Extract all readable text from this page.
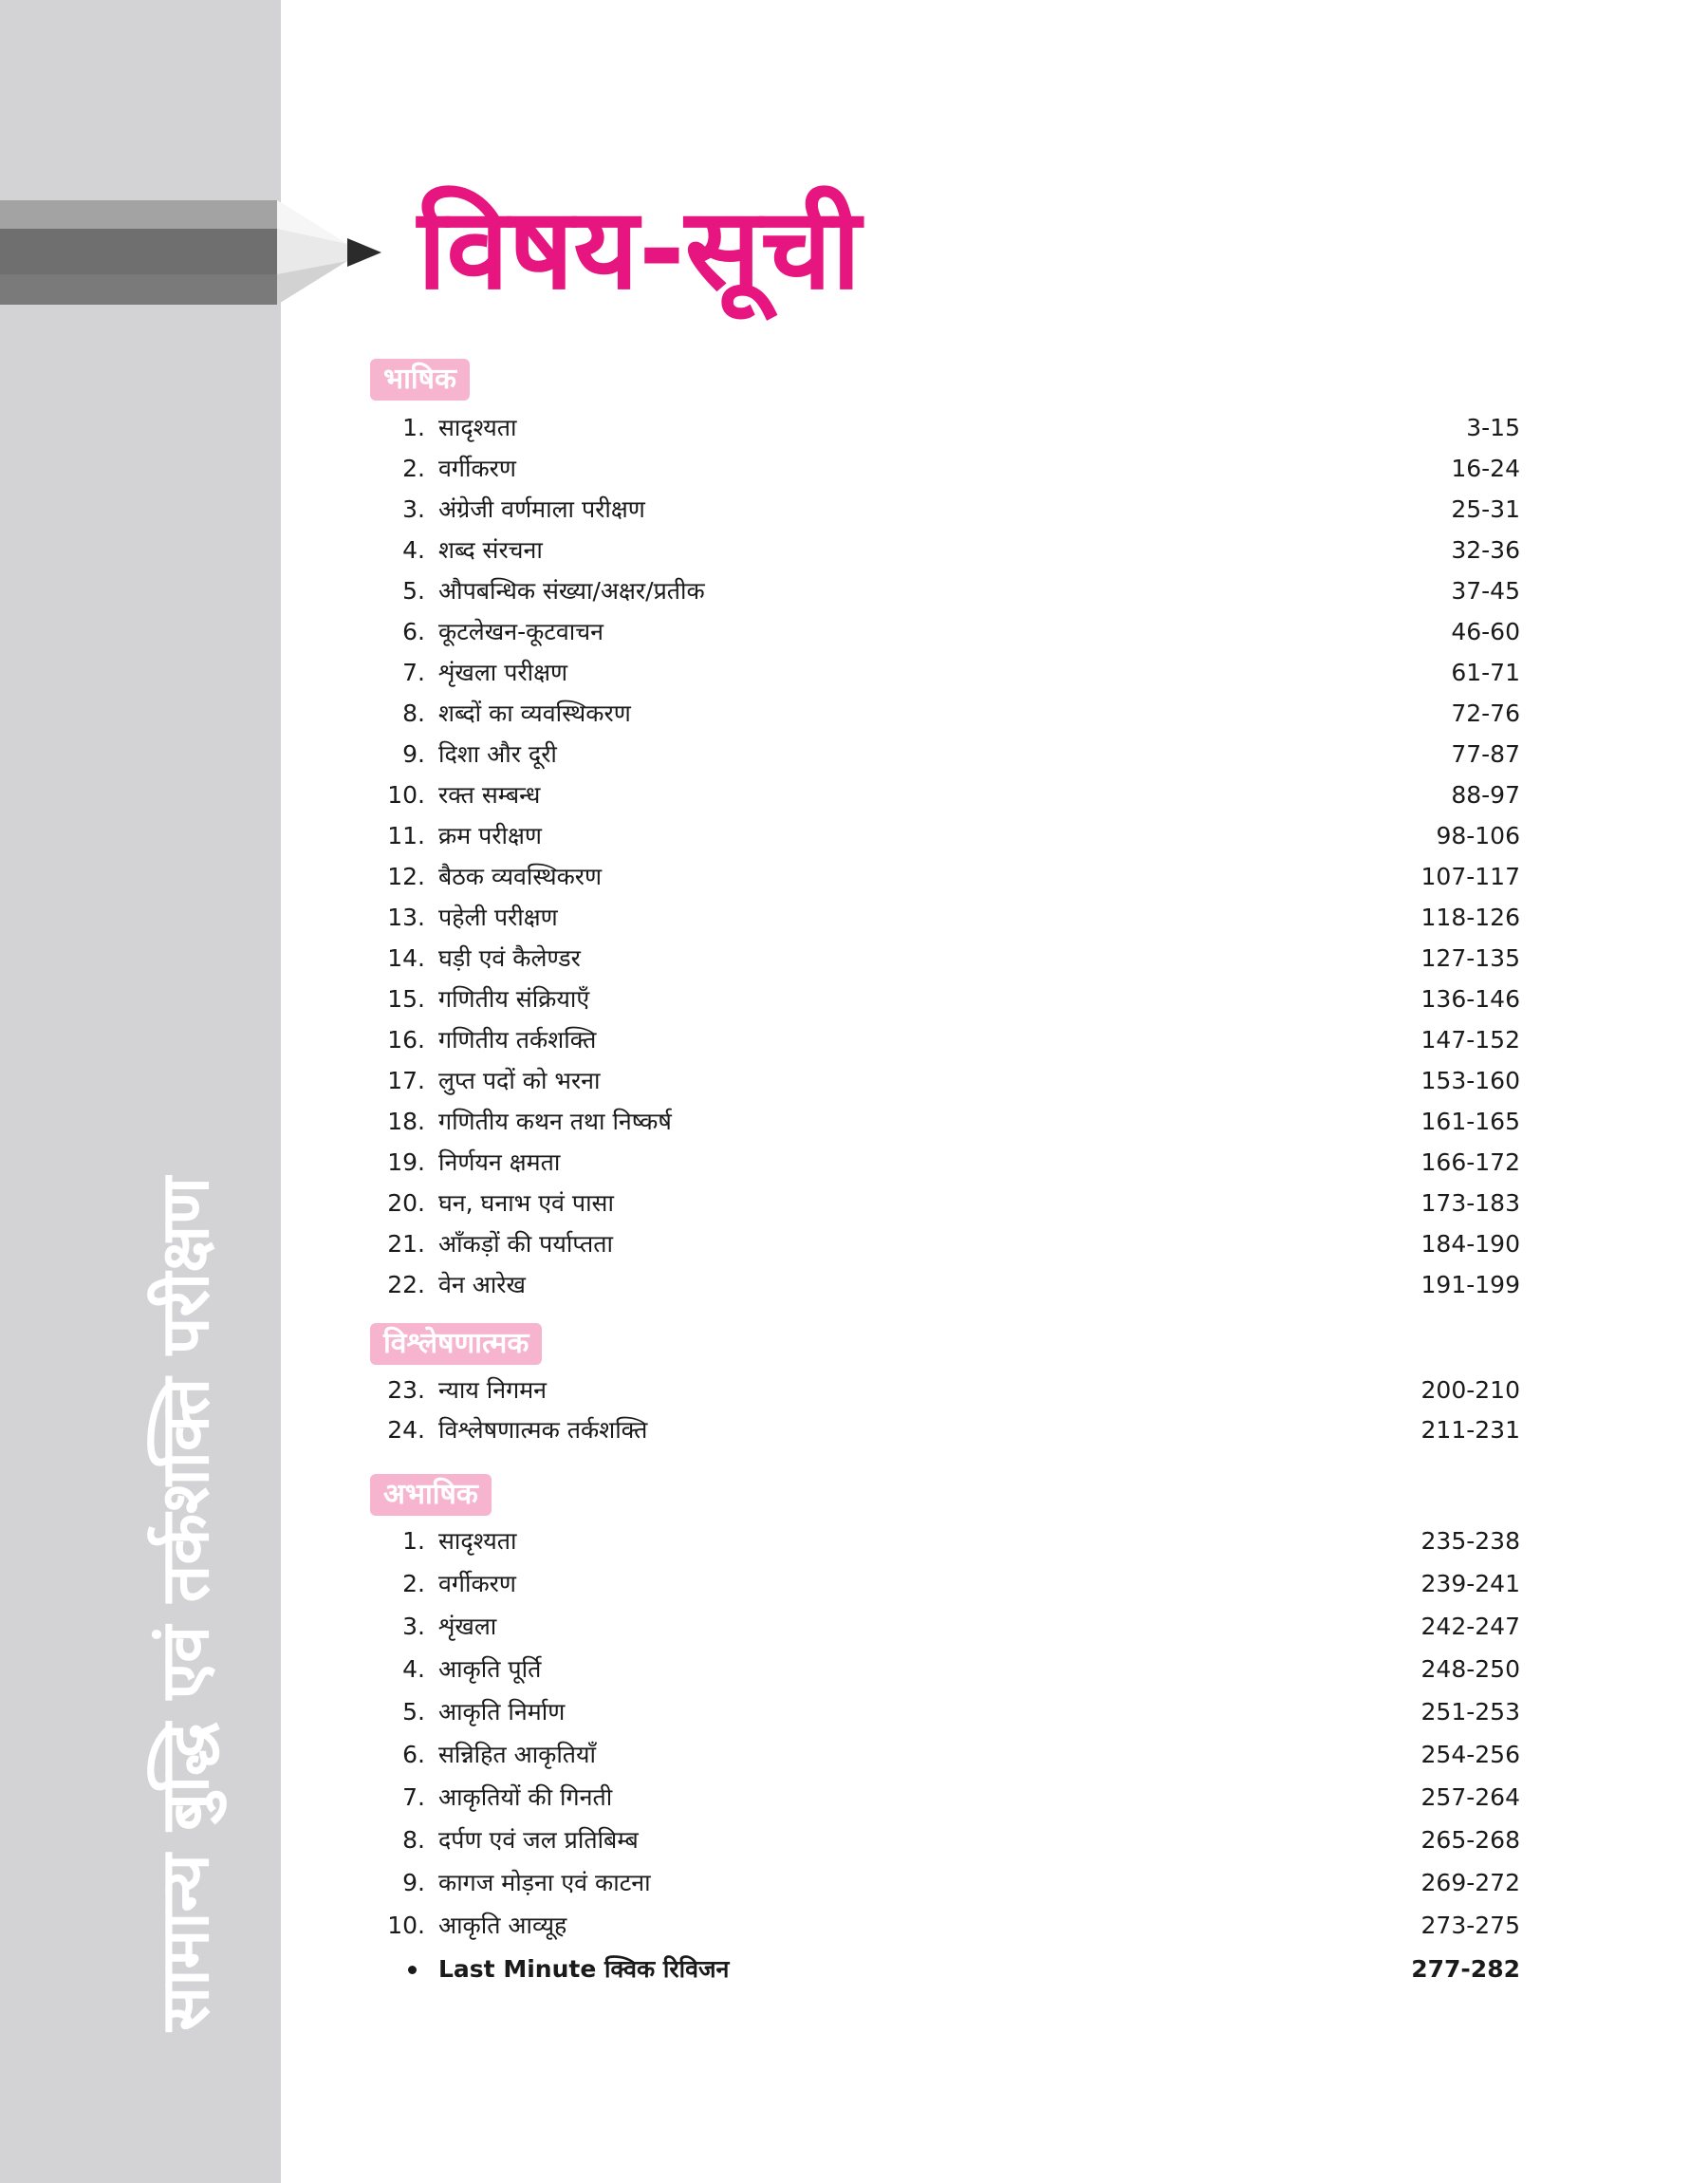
सामान्य बुद्धि एवं तर्कशक्ति परीक्षण
विषय-सूची
भाषिक
1. सादृश्यता	3-15
2. वर्गीकरण	16-24
3. अंग्रेजी वर्णमाला परीक्षण	25-31
4. शब्द संरचना	32-36
5. औपबन्धिक संख्या/अक्षर/प्रतीक	37-45
6. कूटलेखन-कूटवाचन	46-60
7. शृंखला परीक्षण	61-71
8. शब्दों का व्यवस्थिकरण	72-76
9. दिशा और दूरी	77-87
10. रक्त सम्बन्ध	88-97
11. क्रम परीक्षण	98-106
12. बैठक व्यवस्थिकरण	107-117
13. पहेली परीक्षण	118-126
14. घड़ी एवं कैलेण्डर	127-135
15. गणितीय संक्रियाएँ	136-146
16. गणितीय तर्कशक्ति	147-152
17. लुप्त पदों को भरना	153-160
18. गणितीय कथन तथा निष्कर्ष	161-165
19. निर्णयन क्षमता	166-172
20. घन, घनाभ एवं पासा	173-183
21. आँकड़ों की पर्याप्तता	184-190
22. वेन आरेख	191-199
विश्लेषणात्मक
23. न्याय निगमन	200-210
24. विश्लेषणात्मक तर्कशक्ति	211-231
अभाषिक
1. सादृश्यता	235-238
2. वर्गीकरण	239-241
3. शृंखला	242-247
4. आकृति पूर्ति	248-250
5. आकृति निर्माण	251-253
6. सन्निहित आकृतियाँ	254-256
7. आकृतियों की गिनती	257-264
8. दर्पण एवं जल प्रतिबिम्ब	265-268
9. कागज मोड़ना एवं काटना	269-272
10. आकृति आव्यूह	273-275
Last Minute क्विक रिविजन	277-282
